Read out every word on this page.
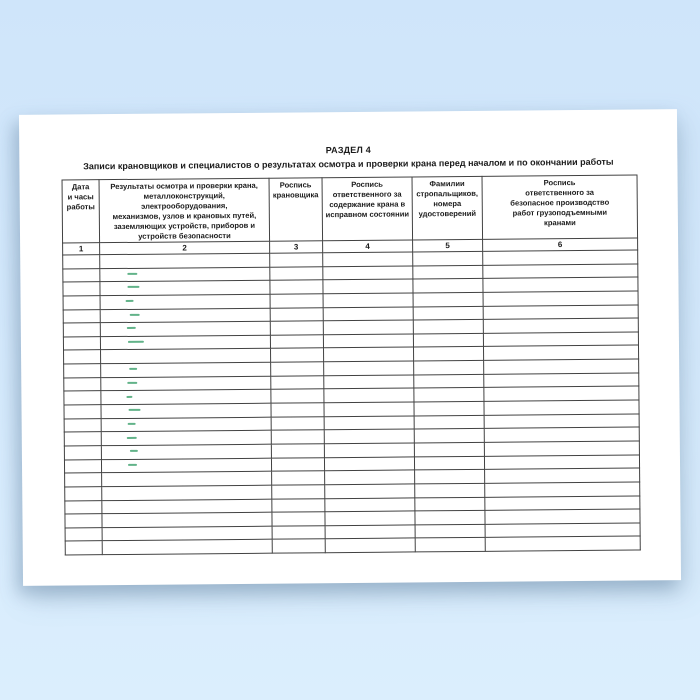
РАЗДЕЛ 4
Записи крановщиков и специалистов о результатах осмотра и проверки крана перед началом и по окончании работы
Дата
и часы
работы	Результаты осмотра и проверки крана,
металлоконструкций, электрооборудования,
механизмов, узлов и крановых путей,
заземляющих устройств, приборов и
устройств безопасности	Роспись
крановщика	Роспись
ответственного за
содержание крана в
исправном состоянии	Фамилии
стропальщиков,
номера
удостоверений	Роспись
ответственного за
безопасное производство
работ грузоподъемными
кранами
1	2	3	4	5	6
